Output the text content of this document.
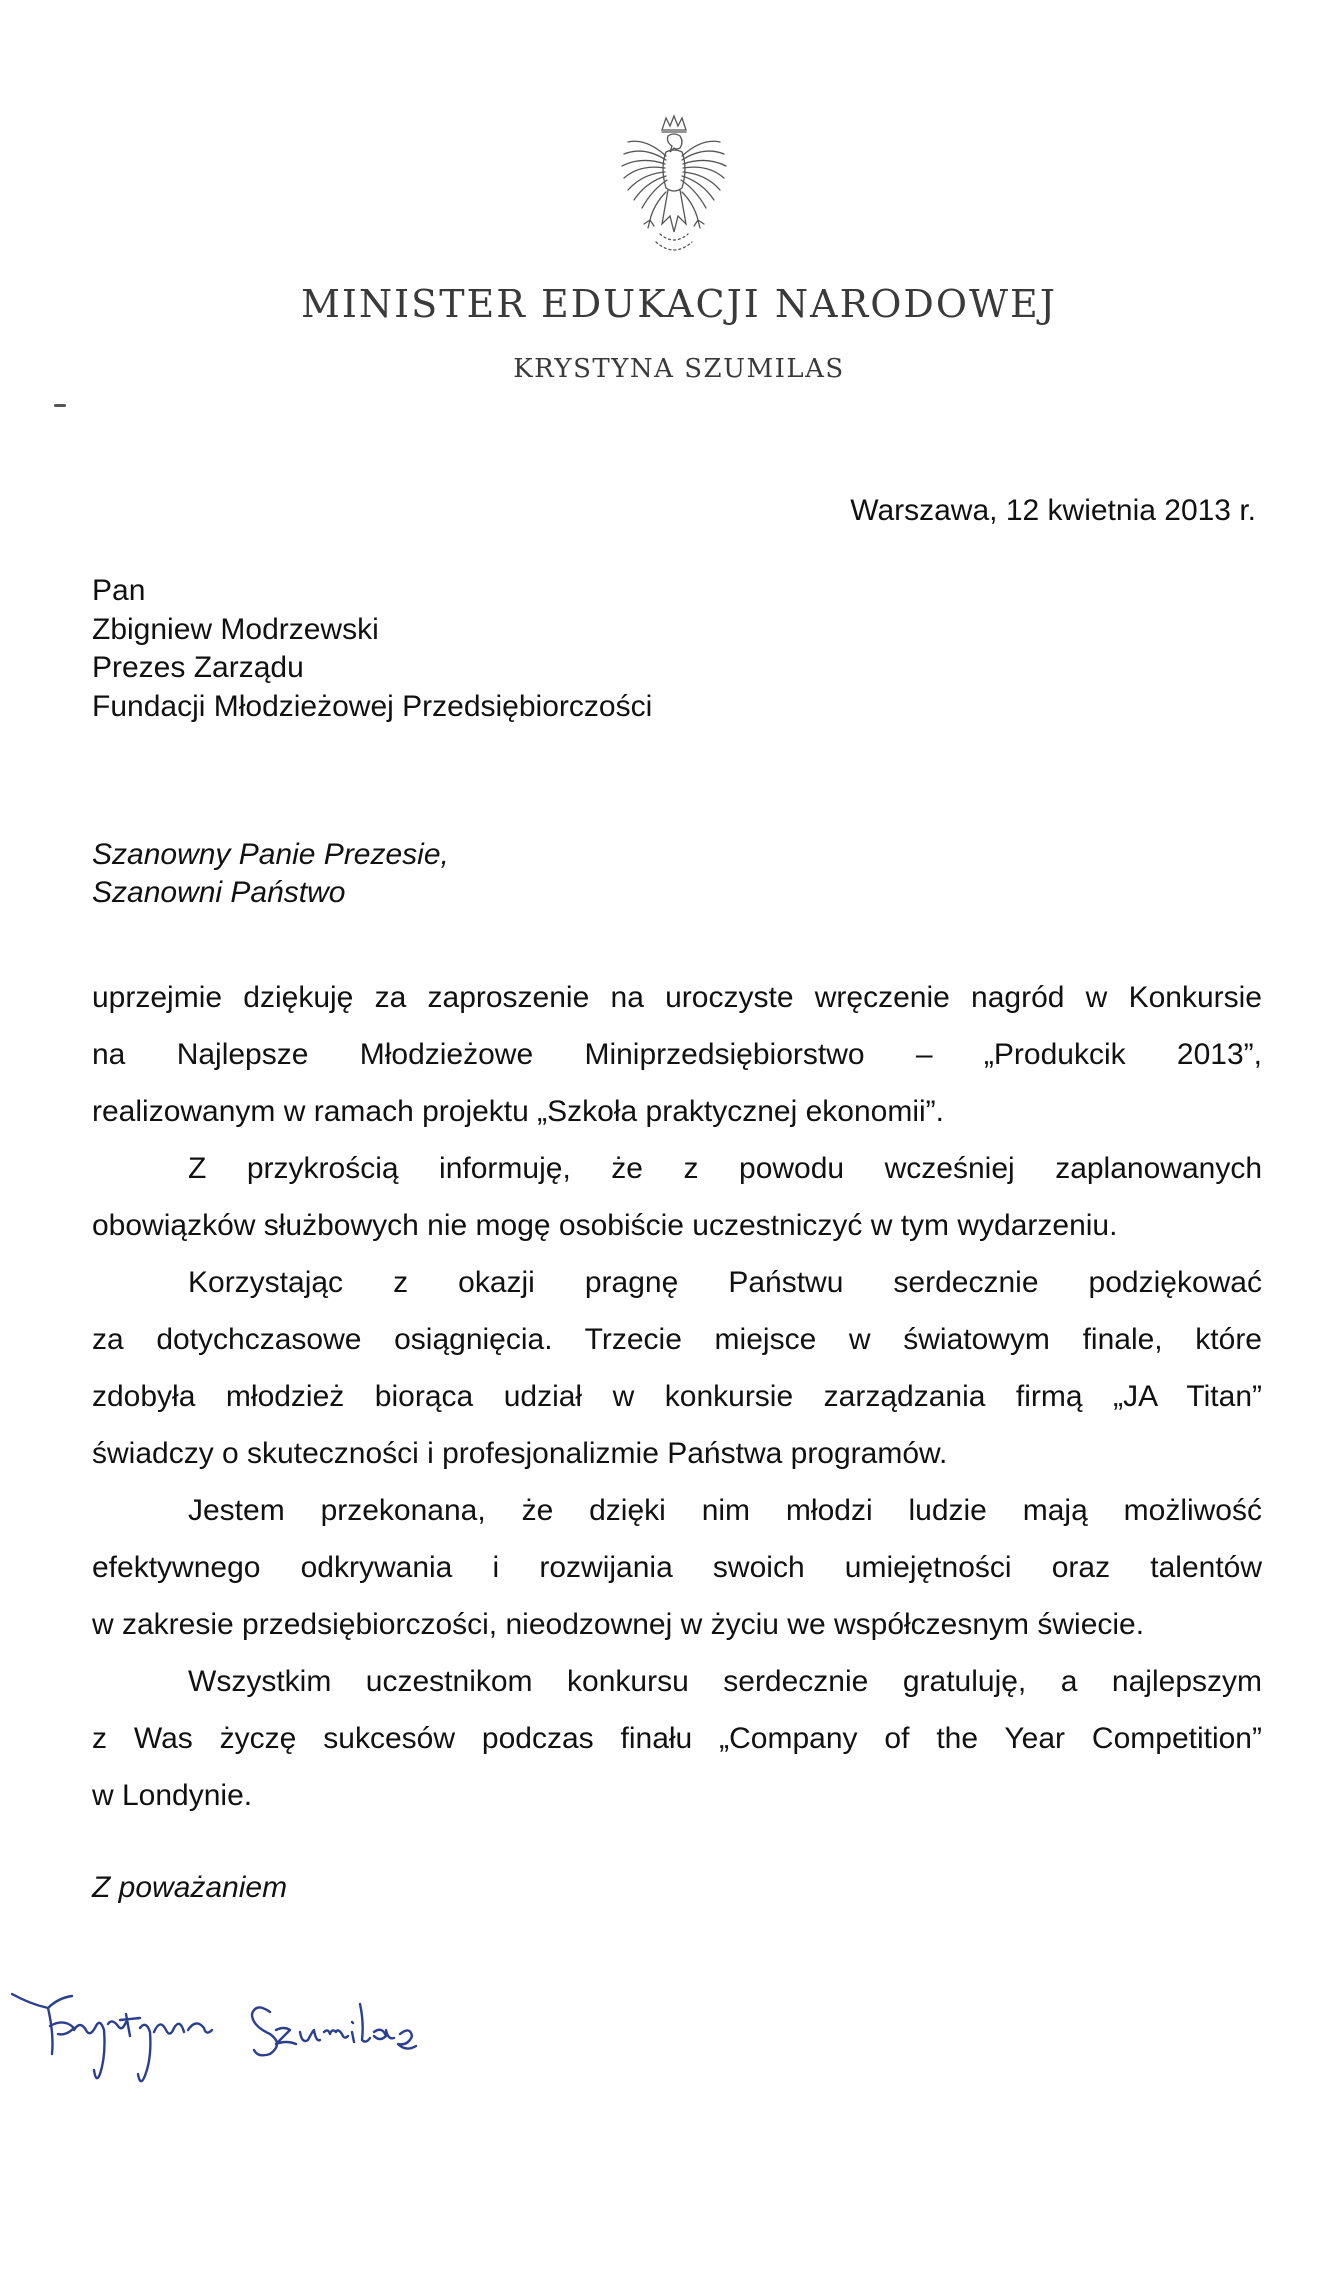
MINISTER EDUKACJI NARODOWEJ
KRYSTYNA SZUMILAS
Warszawa, 12 kwietnia 2013 r.
Pan
Zbigniew Modrzewski
Prezes Zarządu
Fundacji Młodzieżowej Przedsiębiorczości
Szanowny Panie Prezesie,
Szanowni Państwo
uprzejmie dziękuję za zaproszenie na uroczyste wręczenie nagród w Konkursie
na Najlepsze Młodzieżowe Miniprzedsiębiorstwo – „Produkcik 2013”,
realizowanym w ramach projektu „Szkoła praktycznej ekonomii”.
Z przykrością informuję, że z powodu wcześniej zaplanowanych
obowiązków służbowych nie mogę osobiście uczestniczyć w tym wydarzeniu.
Korzystając z okazji pragnę Państwu serdecznie podziękować
za dotychczasowe osiągnięcia. Trzecie miejsce w światowym finale, które
zdobyła młodzież biorąca udział w konkursie zarządzania firmą „JA Titan”
świadczy o skuteczności i profesjonalizmie Państwa programów.
Jestem przekonana, że dzięki nim młodzi ludzie mają możliwość
efektywnego odkrywania i rozwijania swoich umiejętności oraz talentów
w zakresie przedsiębiorczości, nieodzownej w życiu we współczesnym świecie.
Wszystkim uczestnikom konkursu serdecznie gratuluję, a najlepszym
z Was życzę sukcesów podczas finału „Company of the Year Competition”
w Londynie.
Z poważaniem
